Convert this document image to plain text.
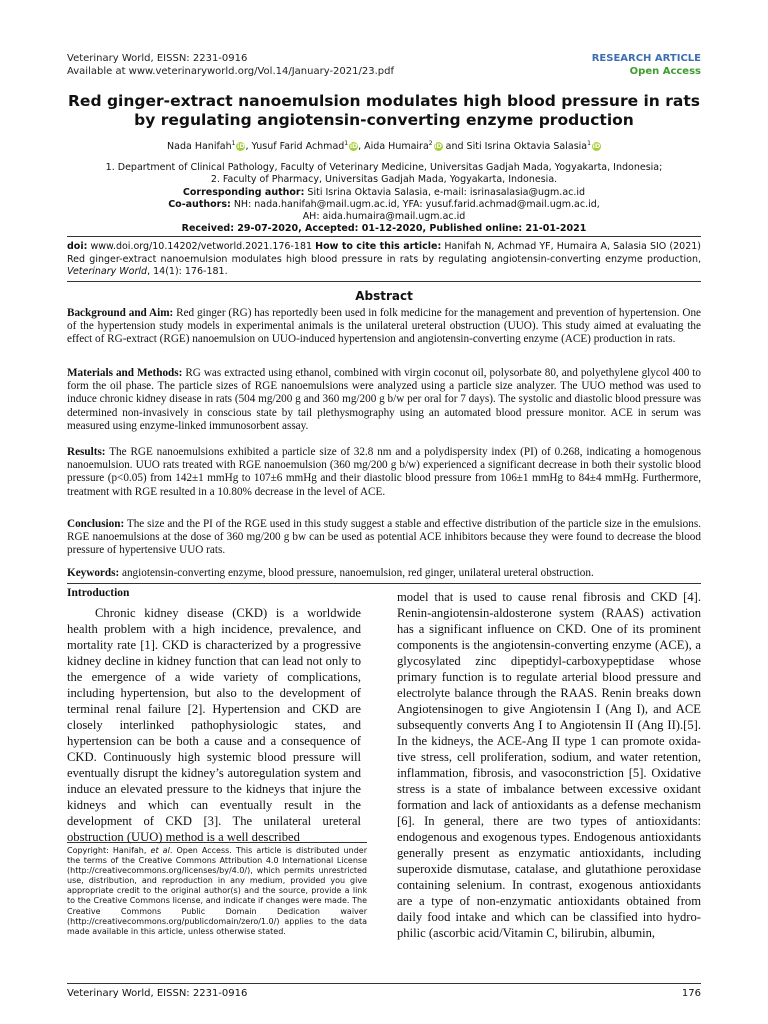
Veterinary World, EISSN: 2231-0916
Available at www.veterinaryworld.org/Vol.14/January-2021/23.pdf
RESEARCH ARTICLE
Open Access
Red ginger-extract nanoemulsion modulates high blood pressure in rats
by regulating angiotensin-converting enzyme production
Nada Hanifah$^1$ iD, Yusuf Farid Achmad$^1$ iD, Aida Humaira$^2$ iD and Siti Isrina Oktavia Salasia$^1$ iD
1. Department of Clinical Pathology, Faculty of Veterinary Medicine, Universitas Gadjah Mada, Yogyakarta, Indonesia;
2. Faculty of Pharmacy, Universitas Gadjah Mada, Yogyakarta, Indonesia.
Corresponding author: Siti Isrina Oktavia Salasia, e-mail: isrinasalasia@ugm.ac.id
Co-authors: NH: nada.hanifah@mail.ugm.ac.id, YFA: yusuf.farid.achmad@mail.ugm.ac.id,
AH: aida.humaira@mail.ugm.ac.id
Received: 29-07-2020, Accepted: 01-12-2020, Published online: 21-01-2021
doi: www.doi.org/10.14202/vetworld.2021.176-181 How to cite this article: Hanifah N, Achmad YF, Humaira A, Salasia SIO (2021) Red ginger-extract nanoemulsion modulates high blood pressure in rats by regulating angiotensin-converting enzyme production, Veterinary World, 14(1): 176-181.
Abstract
Background and Aim: Red ginger (RG) has reportedly been used in folk medicine for the management and prevention of hypertension. One of the hypertension study models in experimental animals is the unilateral ureteral obstruction (UUO). This study aimed at evaluating the effect of RG-extract (RGE) nanoemulsion on UUO-induced hypertension and angiotensin-converting enzyme (ACE) production in rats.
Materials and Methods: RG was extracted using ethanol, combined with virgin coconut oil, polysorbate 80, and polyethylene glycol 400 to form the oil phase. The particle sizes of RGE nanoemulsions were analyzed using a particle size analyzer. The UUO method was used to induce chronic kidney disease in rats (504 mg/200 g and 360 mg/200 g b/w per oral for 7 days). The systolic and diastolic blood pressure was determined non-invasively in conscious state by tail plethysmography using an automated blood pressure monitor. ACE in serum was measured using enzyme-linked immunosorbent assay.
Results: The RGE nanoemulsions exhibited a particle size of 32.8 nm and a polydispersity index (PI) of 0.268, indicating a homogenous nanoemulsion. UUO rats treated with RGE nanoemulsion (360 mg/200 g b/w) experienced a significant decrease in both their systolic blood pressure (p<0.05) from 142±1 mmHg to 107±6 mmHg and their diastolic blood pressure from 106±1 mmHg to 84±4 mmHg. Furthermore, treatment with RGE resulted in a 10.80% decrease in the level of ACE.
Conclusion: The size and the PI of the RGE used in this study suggest a stable and effective distribution of the particle size in the emulsions. RGE nanoemulsions at the dose of 360 mg/200 g bw can be used as potential ACE inhibitors because they were found to decrease the blood pressure of hypertensive UUO rats.
Keywords: angiotensin-converting enzyme, blood pressure, nanoemulsion, red ginger, unilateral ureteral obstruction.
Introduction
Chronic kidney disease (CKD) is a worldwide health problem with a high incidence, prevalence, and mortality rate [1]. CKD is characterized by a progressive kidney decline in kidney function that can lead not only to the emergence of a wide variety of complications, including hypertension, but also to the development of terminal renal failure [2]. Hypertension and CKD are closely interlinked pathophysiologic states, and hypertension can be both a cause and a consequence of CKD. Continuously high systemic blood pressure will eventually disrupt the kidney’s autoregulation system and induce an elevated pressure to the kidneys that injure the kidneys and which can eventually result in the development of CKD [3]. The unilateral ureteral obstruction (UUO) method is a well described
model that is used to cause renal fibrosis and CKD [4]. Renin-angiotensin-aldosterone system (RAAS) activation has a significant influence on CKD. One of its prominent components is the angiotensin-converting enzyme (ACE), a glycosylated zinc dipeptidyl-carboxypeptidase whose primary function is to regulate arterial blood pressure and electrolyte balance through the RAAS. Renin breaks down Angiotensinogen to give Angiotensin I (Ang I), and ACE subsequently converts Ang I to Angiotensin II (Ang II).[5]. In the kidneys, the ACE-Ang II type 1 can promote oxidative stress, cell proliferation, sodium, and water retention, inflammation, fibrosis, and vasoconstriction [5]. Oxidative stress is a state of imbalance between excessive oxidant formation and lack of antioxidants as a defense mechanism [6]. In general, there are two types of antioxidants: endogenous and exogenous types. Endogenous antioxidants generally present as enzymatic antioxidants, including superoxide dismutase, catalase, and glutathione peroxidase containing selenium. In contrast, exogenous antioxidants are a type of non-enzymatic antioxidants obtained from daily food intake and which can be classified into hydrophilic (ascorbic acid/Vitamin C, bilirubin, albumin,
Copyright: Hanifah, et al. Open Access. This article is distributed under the terms of the Creative Commons Attribution 4.0 International License (http://creativecommons.org/licenses/by/4.0/), which permits unrestricted use, distribution, and reproduction in any medium, provided you give appropriate credit to the original author(s) and the source, provide a link to the Creative Commons license, and indicate if changes were made. The Creative Commons Public Domain Dedication waiver (http://creativecommons.org/publicdomain/zero/1.0/) applies to the data made available in this article, unless otherwise stated.
Veterinary World, EISSN: 2231-0916	176
